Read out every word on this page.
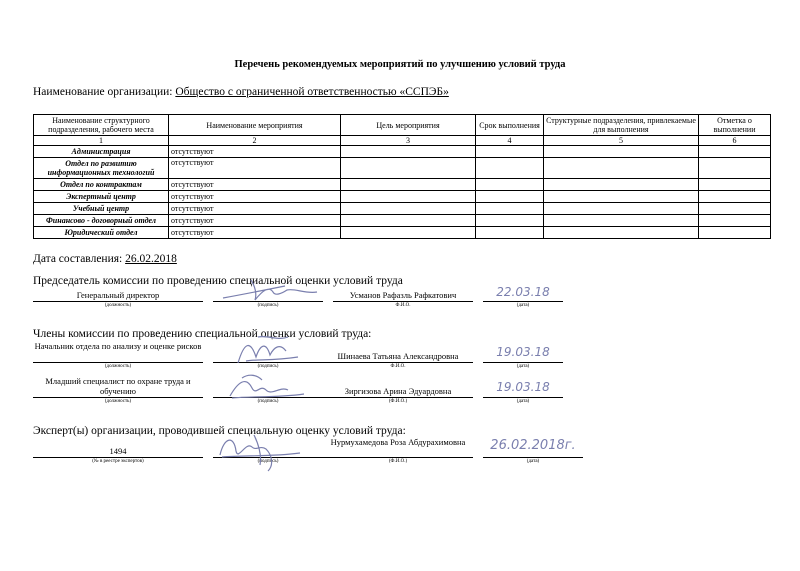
Перечень рекомендуемых мероприятий по улучшению условий труда
Наименование организации: Общество с ограниченной ответственностью «ССПЭБ»
Наименование структурного подразделения, рабочего места	Наименование мероприятия	Цель мероприятия	Срок выполнения	Структурные подразделения, привлекаемые для выполнения	Отметка о выполнении
1	2	3	4	5	6
Администрация	отсутствуют				
Отдел по развитию информационных технологий	отсутствуют				
Отдел по контрактам	отсутствуют				
Экспертный центр	отсутствуют				
Учебный центр	отсутствуют				
Финансово - договорный отдел	отсутствуют				
Юридический отдел	отсутствуют				
Дата составления: 26.02.2018
Председатель комиссии по проведению специальной оценки условий труда
Генеральный директор	Усманов Рафазль Рафкатович	22.03.18
(должность)	(подпись)	Ф.И.О.	(дата)
Члены комиссии по проведению специальной оценки условий труда:
Начальник отдела по анализу и оценке рисков
Шинаева Татьяна Александровна	19.03.18
(должность)	(подпись)	Ф.И.О.	(дата)
Младший специалист по охране труда и обучению	Зиргизова Арина Эдуардовна	19.03.18
(должность)	(подпись)	(Ф.И.О.)	(дата)
Эксперт(ы) организации, проводившей специальную оценку условий труда:
1494
Нурмухамедова Роза Абдурахимовна	26.02.2018г.
(№ в реестре экспертов)	(подпись)	(Ф.И.О.)	(дата)
